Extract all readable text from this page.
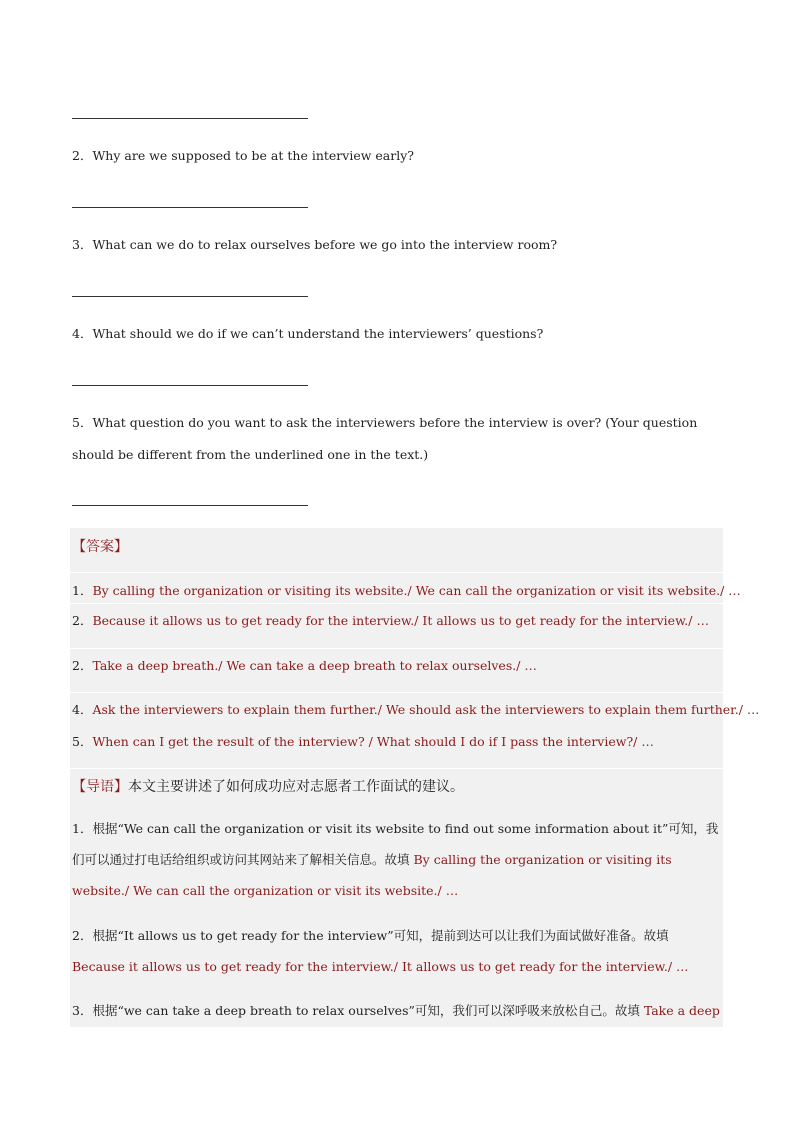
2．Why are we supposed to be at the interview early?
3．What can we do to relax ourselves before we go into the interview room?
4．What should we do if we can’t understand the interviewers’ questions?
5．What question do you want to ask the interviewers before the interview is over? (Your question should be different from the underlined one in the text.)
【答案】
1．By calling the organization or visiting its website./ We can call the organization or visit its website./ …
2．Because it allows us to get ready for the interview./ It allows us to get ready for the interview./ …
2．Take a deep breath./ We can take a deep breath to relax ourselves./ …
4．Ask the interviewers to explain them further./ We should ask the interviewers to explain them further./ …
5．When can I get the result of the interview? / What should I do if I pass the interview?/ …
【导语】本文主要讲述了如何成功应对志愿者工作面试的建议。
1．根据“We can call the organization or visit its website to find out some information about it”可知，我们可以通过打电话给组织或访问其网站来了解相关信息。故填 By calling the organization or visiting its website./ We can call the organization or visit its website./ …
2．根据“It allows us to get ready for the interview”可知，提前到达可以让我们为面试做好准备。故填 Because it allows us to get ready for the interview./ It allows us to get ready for the interview./ …
3．根据“we can take a deep breath to relax ourselves”可知，我们可以深呼吸来放松自己。故填 Take a deep
